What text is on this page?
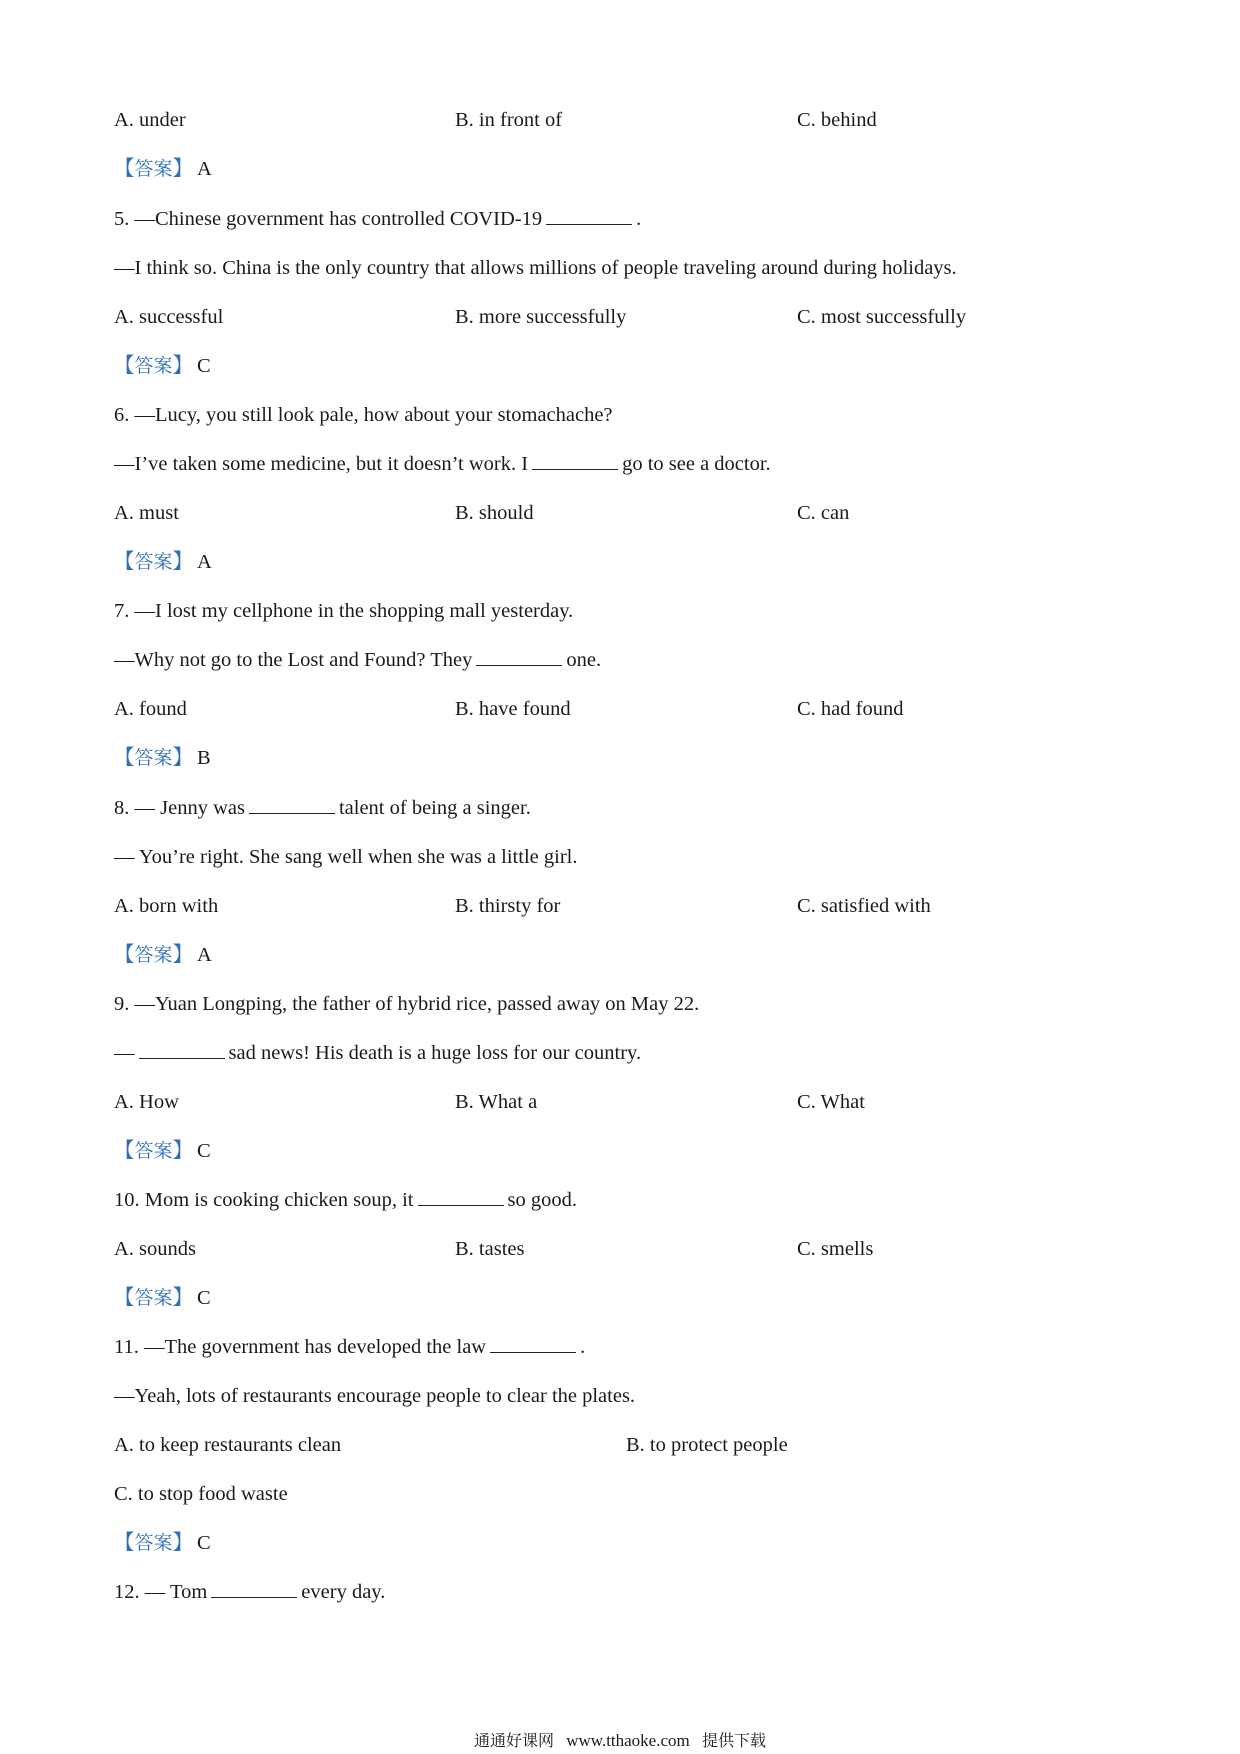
A. under	B. in front of	C. behind
【答案】 A
5. —Chinese government has controlled COVID-19	.
—I think so. China is the only country that allows millions of people traveling around during holidays.
A. successful	B. more successfully	C. most successfully
【答案】 C
6. —Lucy, you still look pale, how about your stomachache?
—I’ve taken some medicine, but it doesn’t work. I	go to see a doctor.
A. must	B. should	C. can
【答案】 A
7. —I lost my cellphone in the shopping mall yesterday.
—Why not go to the Lost and Found? They	one.
A. found	B. have found	C. had found
【答案】 B
8. — Jenny was	talent of being a singer.
— You’re right. She sang well when she was a little girl.
A. born with	B. thirsty for	C. satisfied with
【答案】 A
9. —Yuan Longping, the father of hybrid rice, passed away on May 22.
—	sad news! His death is a huge loss for our country.
A. How	B. What a	C. What
【答案】 C
10. Mom is cooking chicken soup, it	so good.
A. sounds	B. tastes	C. smells
【答案】 C
11. —The government has developed the law	.
—Yeah, lots of restaurants encourage people to clear the plates.
A. to keep restaurants clean	B. to protect people
C. to stop food waste
【答案】 C
12. — Tom	every day.
通通好课网 www.tthaoke.com 提供下载
